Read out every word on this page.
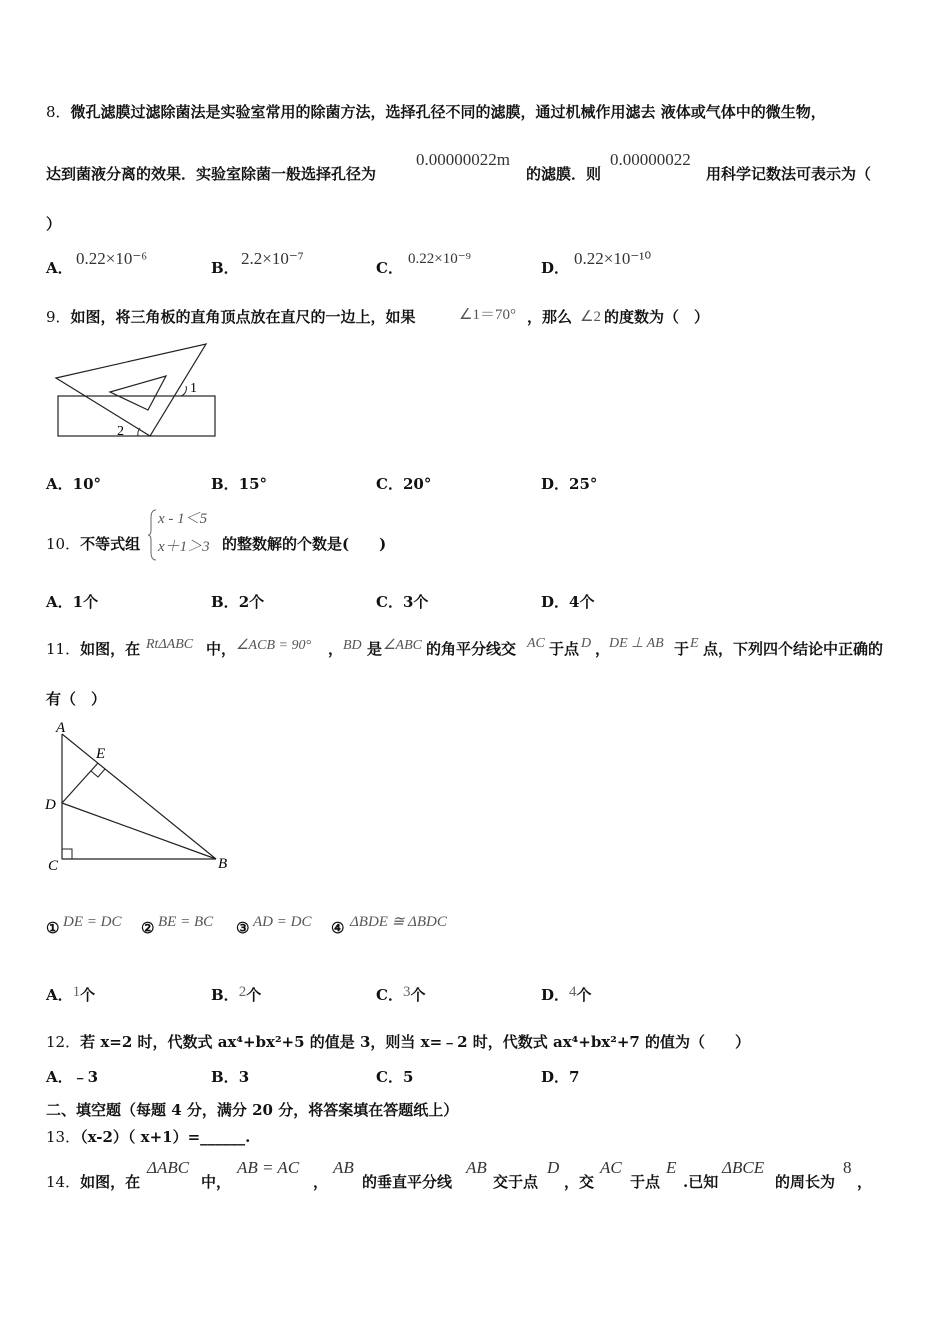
8．微孔滤膜过滤除菌法是实验室常用的除菌方法，选择孔径不同的滤膜，通过机械作用滤去 液体或气体中的微生物，
达到菌液分离的效果．实验室除菌一般选择孔径为
0.00000022m
的滤膜．则
0.00000022
用科学记数法可表示为（
）
A． 0.22×10⁻⁶	B． 2.2×10⁻⁷	C． 0.22×10⁻⁹	D． 0.22×10⁻¹⁰
9．如图，将三角板的直角顶点放在直尺的一边上，如果	∠1＝70° ，那么 ∠2 的度数为（　）
1
2
A．10°	B．15°	C．20°	D．25°
10．不等式组
x - 1＜5
x＋1＞3 的整数解的个数是(　　)
A．1个	B．2个	C．3个	D．4个
11．如图，在 RtΔABC 中， ∠ACB = 90° ， BD 是 ∠ABC 的角平分线交 AC 于点 D ，
DE ⊥ AB 于 E 点，下列四个结论中正确的
有（　）
A
E
D
C	B
① DE = DC ② BE = BC ③ AD = DC ④ ΔBDE ≅ ΔBDC
A．1个	B．2个	C．3个	D．4个
12．若 x=2 时，代数式 ax⁴+bx²+5 的值是 3，则当 x=﹣2 时，代数式 ax⁴+bx²+7 的值为（　　）
A．﹣3	B．3	C．5	D．7
二、填空题（每题 4 分，满分 20 分，将答案填在答题纸上）
13．（x-2）（ x+1）=______.
14．如图，在
ΔABC
中，
AB = AC
，
AB
的垂直平分线
AB
交于点
D
，交
AC
于点
E
.已知
ΔBCE
的周长为
8
，
